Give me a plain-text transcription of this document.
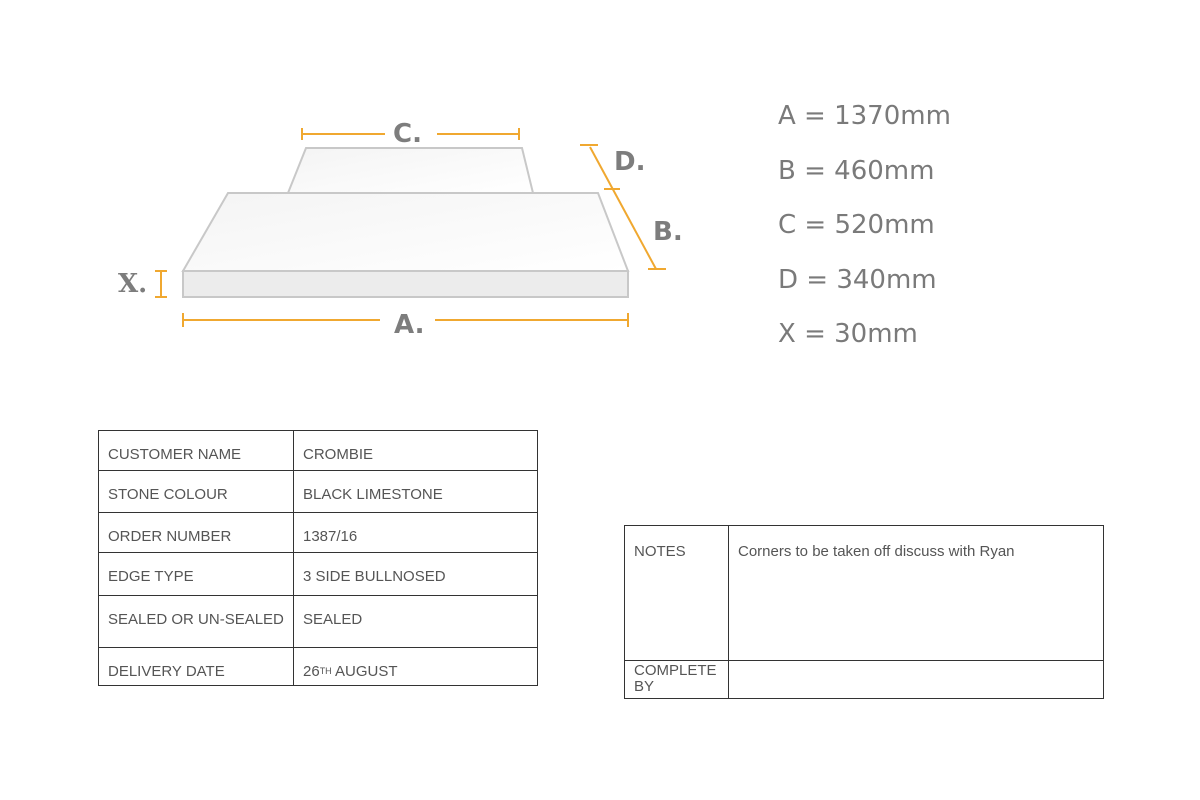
C.
A.
D.
B.
X.
A = 1370mm
B = 460mm
C = 520mm
D = 340mm
X = 30mm
CUSTOMER NAME	CROMBIE
STONE COLOUR	BLACK LIMESTONE
ORDER NUMBER	1387/16
EDGE TYPE	3 SIDE BULLNOSED
SEALED OR UN-SEALED	SEALED
DELIVERY DATE	26TH AUGUST
NOTES	Corners to be taken off discuss with Ryan
COMPLETE BY	
